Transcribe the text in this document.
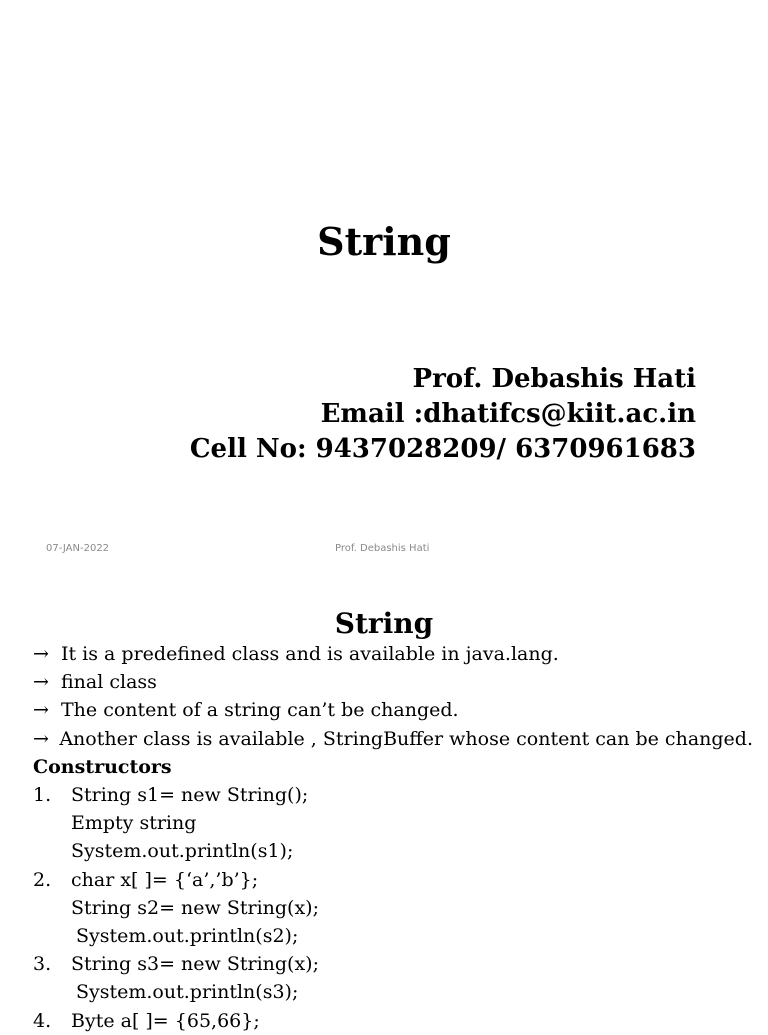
String
Prof. Debashis Hati
Email :dhatifcs@kiit.ac.in
Cell No: 9437028209/ 6370961683
07-JAN-2022	Prof. Debashis Hati
String
→ It is a predefined class and is available in java.lang.
→ final class
→ The content of a string can’t be changed.
→ Another class is available , StringBuffer whose content can be changed.
Constructors
1.	String s1= new String();
Empty string
System.out.println(s1);
2.	char x[ ]= {‘a’,’b’};
String s2= new String(x);
System.out.println(s2);
3.	String s3= new String(x);
System.out.println(s3);
4.	Byte a[ ]= {65,66};
